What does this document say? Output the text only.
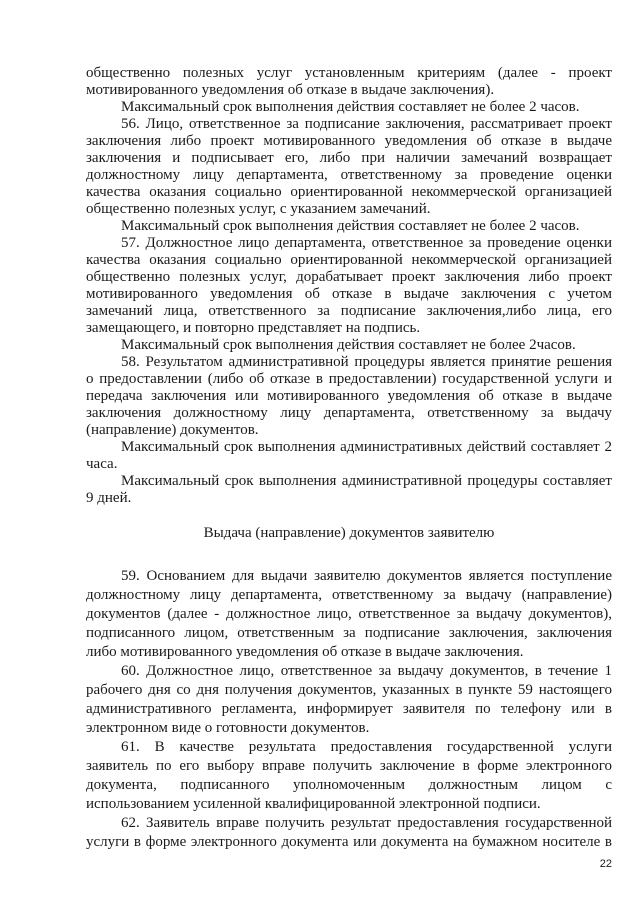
общественно полезных услуг установленным критериям (далее - проект
мотивированного уведомления об отказе в выдаче заключения).
Максимальный срок выполнения действия составляет не более 2 часов.
56. Лицо, ответственное за подписание заключения, рассматривает проект
заключения либо проект мотивированного уведомления об отказе в выдаче
заключения и подписывает его, либо при наличии замечаний возвращает
должностному лицу департамента, ответственному за проведение оценки
качества оказания социально ориентированной некоммерческой организацией
общественно полезных услуг, с указанием замечаний.
Максимальный срок выполнения действия составляет не более 2 часов.
57. Должностное лицо департамента, ответственное за проведение оценки
качества оказания социально ориентированной некоммерческой организацией
общественно полезных услуг, дорабатывает проект заключения либо проект
мотивированного уведомления об отказе в выдаче заключения с учетом
замечаний лица, ответственного за подписание заключения,либо лица, его
замещающего, и повторно представляет на подпись.
Максимальный срок выполнения действия составляет не более 2часов.
58. Результатом административной процедуры является принятие решения
о предоставлении (либо об отказе в предоставлении) государственной услуги и
передача заключения или мотивированного уведомления об отказе в выдаче
заключения должностному лицу департамента, ответственному за выдачу
(направление) документов.
Максимальный срок выполнения административных действий составляет 2
часа.
Выдача (направление) документов заявителю
59. Основанием для выдачи заявителю документов является поступление
должностному лицу департамента, ответственному за выдачу (направление)
документов (далее - должностное лицо, ответственное за выдачу документов),
подписанного лицом, ответственным за подписание заключения, заключения
либо мотивированного уведомления об отказе в выдаче заключения.
60. Должностное лицо, ответственное за выдачу документов, в течение 1
рабочего дня со дня получения документов, указанных в пункте 59 настоящего
административного регламента, информирует заявителя по телефону или в
электронном виде о готовности документов.
61. В качестве результата предоставления государственной услуги
заявитель по его выбору вправе получить заключение в форме электронного
документа, подписанного уполномоченным должностным лицом с
использованием усиленной квалифицированной электронной подписи.
62. Заявитель вправе получить результат предоставления государственной
услуги в форме электронного документа или документа на бумажном носителе в
22
Максимальный срок выполнения административной процедуры составляет
9 дней.
